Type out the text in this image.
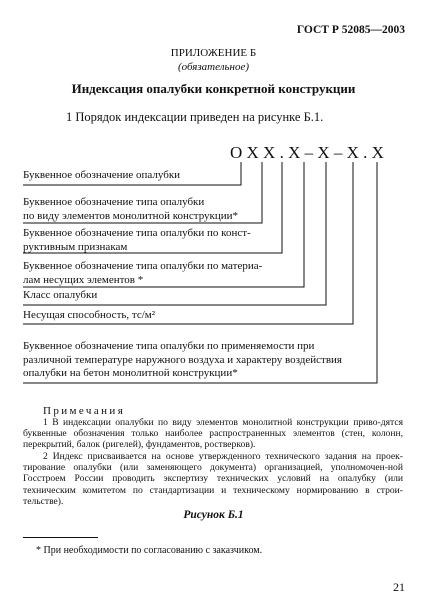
ГОСТ Р 52085—2003
ПРИЛОЖЕНИЕ Б
(обязательное)
Индексация опалубки конкретной конструкции
1 Порядок индексации приведен на рисунке Б.1.
О Х Х . Х – Х – Х . Х
Буквенное обозначение опалубки
Буквенное обозначение типа опалубки
по виду элементов монолитной конструкции*
Буквенное обозначение типа опалубки по конст-
руктивным признакам
Буквенное обозначение типа опалубки по материа-
лам несущих элементов *
Класс опалубки
Несущая способность, тс/м²
Буквенное обозначение типа опалубки по применяемости при
различной температуре наружного воздуха и характеру воздействия
опалубки на бетон монолитной конструкции*
Примечания
1 В индексации опалубки по виду элементов монолитной конструкции приво-дятся буквенные обозначения только наиболее распространенных элементов (стен, колонн, перекрытий, балок (ригелей), фундаментов, ростверков).
2 Индекс присваивается на основе утвержденного технического задания на проек-тирование опалубки (или заменяющего документа) организацией, уполномочен-ной Госстроем России проводить экспертизу технических условий на опалубку (или техническим комитетом по стандартизации и техническому нормированию в строи-тельстве).
Рисунок Б.1
* При необходимости по согласованию с заказчиком.
21
